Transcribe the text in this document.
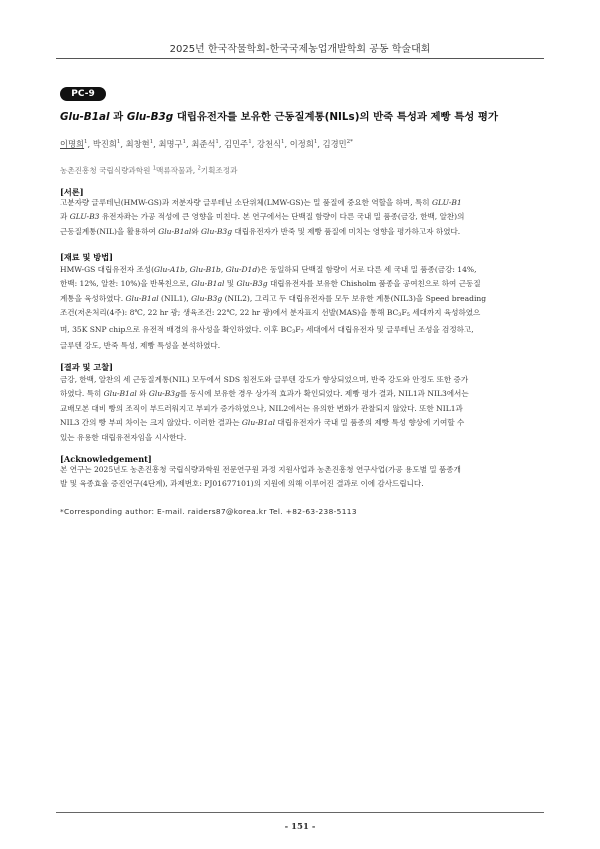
2025년 한국작물학회-한국국제농업개발학회 공동 학술대회
PC-9
Glu-B1al 과 Glu-B3g 대립유전자를 보유한 근동질계통(NILs)의 반죽 특성과 제빵 특성 평가
이명희$^1$, 박진희$^1$, 최창현$^1$, 최명구$^1$, 최준석$^1$, 김민주$^1$, 강천식$^1$, 이정희$^1$, 김경민$^{2*}$
농촌진흥청 국립식량과학원 $^1$맥류작물과, $^2$기획조정과
[서론]
고분자량 글루테닌(HMW-GS)과 저분자량 글루테닌 소단위체(LMW-GS)는 밀 품질에 중요한 역할을 하며, 특히 GLU-B1
과 GLU-B3 유전자좌는 가공 적성에 큰 영향을 미친다. 본 연구에서는 단백질 함량이 다른 국내 밀 품종(금강, 한백, 알찬)의
근동질계통(NIL)을 활용하여 Glu-B1al와 Glu-B3g 대립유전자가 반죽 및 제빵 품질에 미치는 영향을 평가하고자 하였다.
[재료 및 방법]
HMW-GS 대립유전자 조성(Glu-A1b, Glu-B1b, Glu-D1d)은 동일하되 단백질 함량이 서로 다른 세 국내 밀 품종(금강: 14%,
한백: 12%, 알찬: 10%)을 반복친으로, Glu-B1al 및 Glu-B3g 대립유전자를 보유한 Chisholm 품종을 공여친으로 하여 근동질
계통을 육성하였다. Glu-B1al (NIL1), Glu-B3g (NIL2), 그리고 두 대립유전자를 모두 보유한 계통(NIL3)을 Speed breading
조건(저온처리(4주): 8℃, 22 hr 광; 생육조건: 22℃, 22 hr 광)에서 분자표지 선발(MAS)을 통해 $BC_3F_5$ 세대까지 육성하였으
며, 35K SNP chip으로 유전적 배경의 유사성을 확인하였다. 이후 $BC_3F_7$ 세대에서 대립유전자 및 글루테닌 조성을 검정하고,
글루텐 강도, 반죽 특성, 제빵 특성을 분석하였다.
[결과 및 고찰]
금강, 한백, 알찬의 세 근동질계통(NIL) 모두에서 SDS 침전도와 글루텐 강도가 향상되었으며, 반죽 강도와 안정도 또한 증가
하였다. 특히 Glu-B1al 와 Glu-B3g를 동시에 보유한 경우 상가적 효과가 확인되었다. 제빵 평가 결과, NIL1과 NIL3에서는
교배모본 대비 빵의 조직이 부드러워지고 부피가 증가하였으나, NIL2에서는 유의한 변화가 관찰되지 않았다. 또한 NIL1과
NIL3 간의 빵 부피 차이는 크지 않았다. 이러한 결과는 Glu-B1al 대립유전자가 국내 밀 품종의 제빵 특성 향상에 기여할 수
있는 유용한 대립유전자임을 시사한다.
[Acknowledgement]
본 연구는 2025년도 농촌진흥청 국립식량과학원 전문연구원 과정 지원사업과 농촌진흥청 연구사업(가공 용도별 밀 품종개
발 및 육종효율 증진연구(4단계), 과제번호: PJ01677101)의 지원에 의해 이루어진 결과로 이에 감사드립니다.
*Corresponding author: E-mail. raiders87@korea.kr Tel. +82-63-238-5113
- 151 -
